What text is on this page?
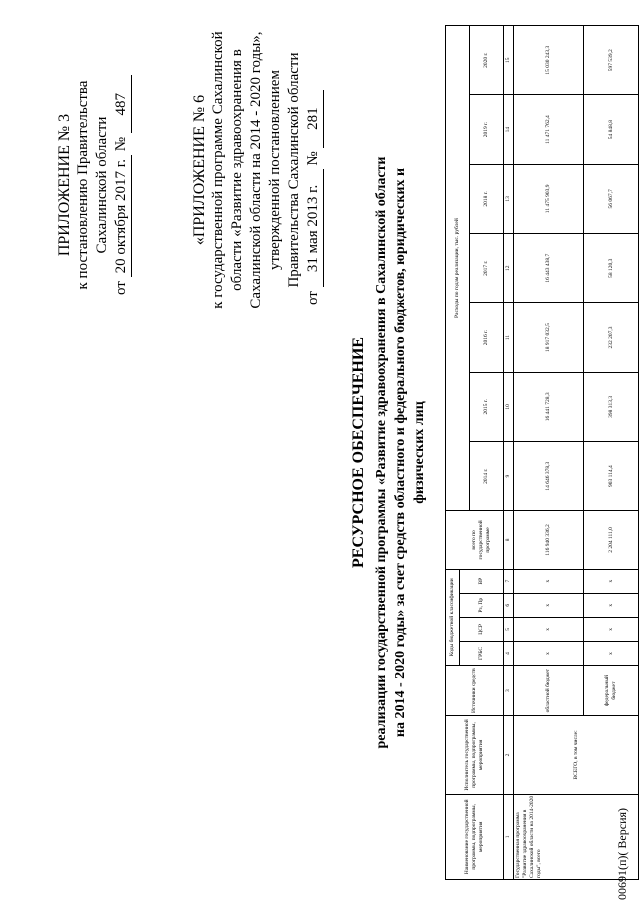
ПРИЛОЖЕНИЕ № 3 к постановлению Правительства Сахалинской области
от 20 октября 2017 г. № 487	«ПРИЛОЖЕНИЕ № 6 к государственной программе Сахалинской области «Развитие здравоохранения в Сахалинской области на 2014 - 2020 годы», утвержденной постановлением Правительства Сахалинской области
от 31 мая 2013 г. № 281
РЕСУРСНОЕ ОБЕСПЕЧЕНИЕ реализации государственной программы «Развитие здравоохранения в Сахалинской области на 2014 - 2020 годы» за счет средств областного и федерального бюджетов, юридических и физических лиц
Наименование государственной программы, подпрограммы, мероприятия	Исполнитель государственной программы, подпрограммы, мероприятия	Источники средств	Коды бюджетной классификации					Расходы по годам реализации, тыс. рублей						
			ГРБС	ЦСР	Рз, Пр	ВР	всего по государственной программе							
								2014 г.	2015 г.	2016 г.	2017 г.	2018 г.	2019 г.	2020 г.
1	2	3	4	5	6	7	8	9	10	11	12	13	14	15
Государственная программа "Развитие здравоохранения в Сахалинской области на 2014-2020 годы", всего	ВСЕГО, в том числе:	областной бюджет	х	х	х	х	116 940 336,2	14 646 378,3	16 441 728,3	18 917 032,5	16 443 438,7	11 475 903,9	11 471 762,4	15 030 243,3
		федеральный бюджет	х	х	х	х	2 204 111,0	903 114,4	398 313,3	232 207,3	58 120,3	56 067,7	54 848,8	597 539,2
00691(п)( Версия)
